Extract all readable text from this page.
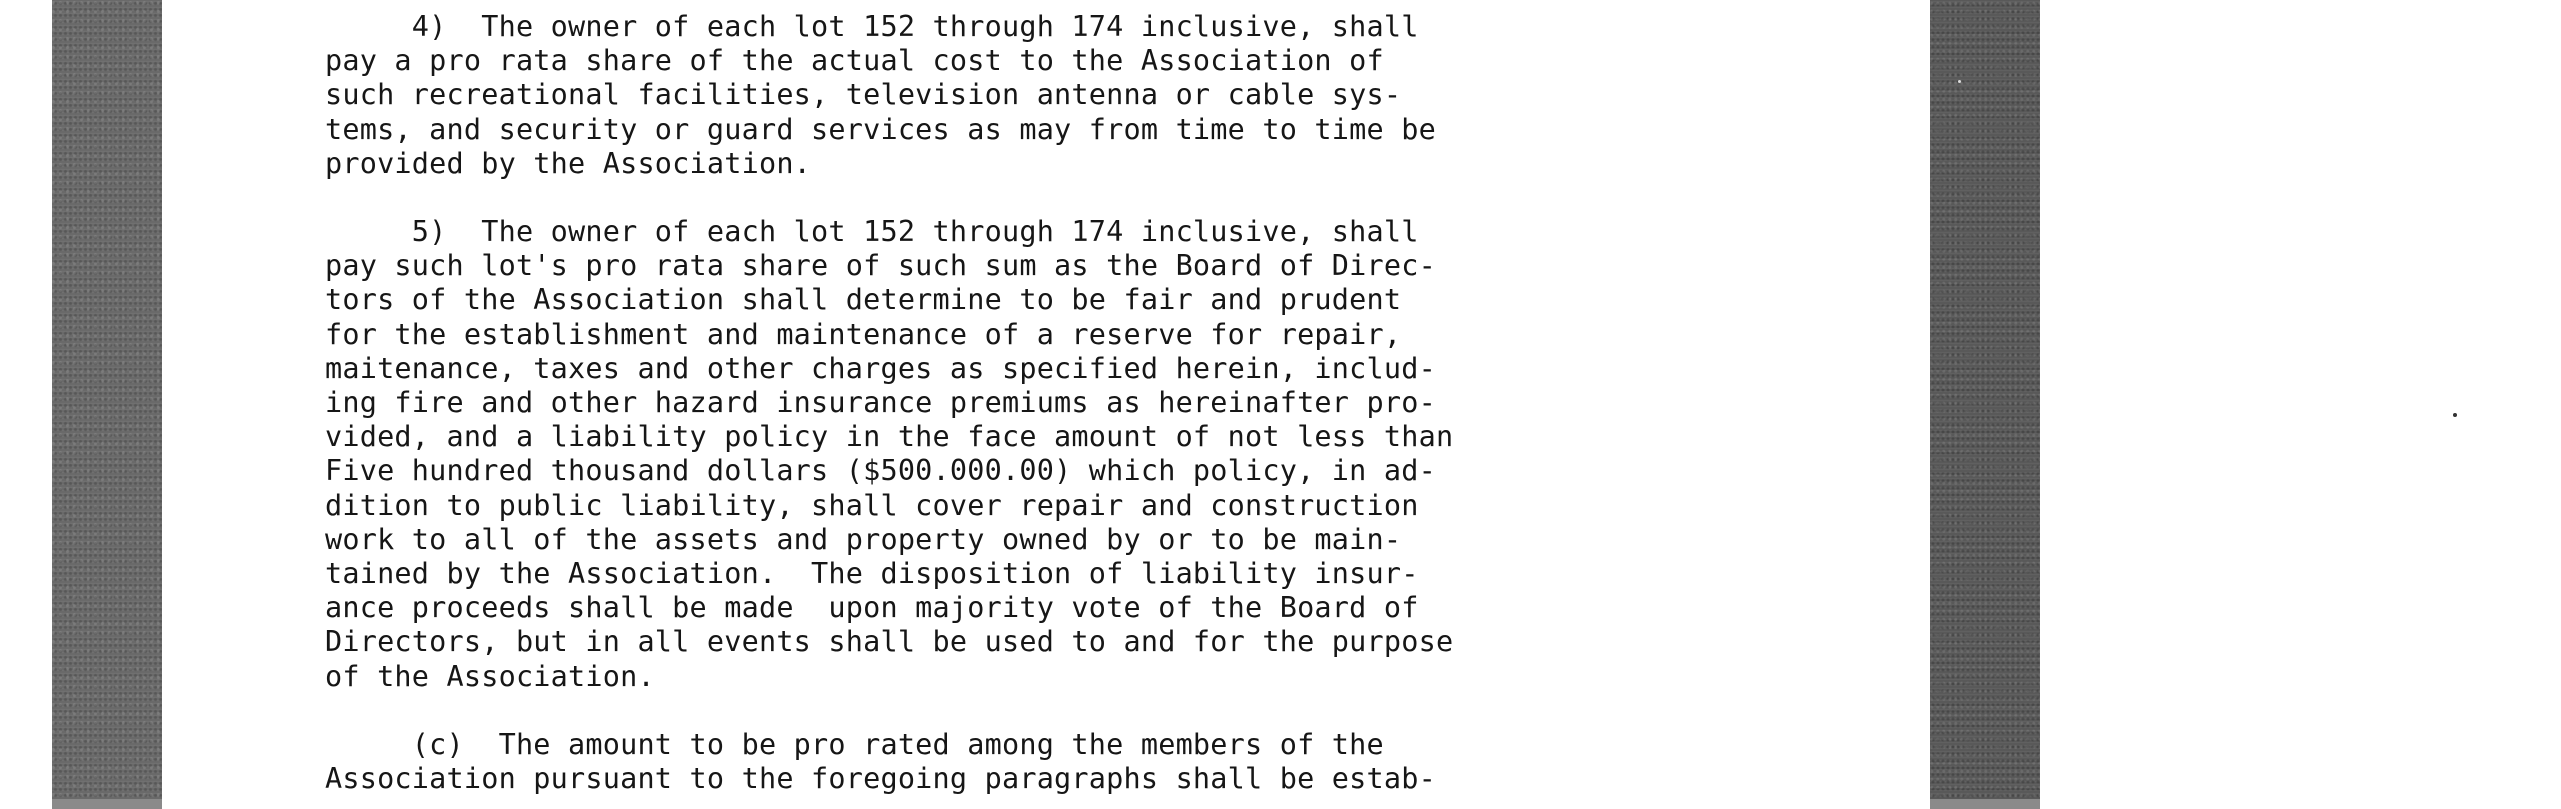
4)  The owner of each lot 152 through 174 inclusive, shall
pay a pro rata share of the actual cost to the Association of
such recreational facilities, television antenna or cable sys-
tems, and security or guard services as may from time to time be
provided by the Association.
5)  The owner of each lot 152 through 174 inclusive, shall
pay such lot's pro rata share of such sum as the Board of Direc-
tors of the Association shall determine to be fair and prudent
for the establishment and maintenance of a reserve for repair,
maitenance, taxes and other charges as specified herein, includ-
ing fire and other hazard insurance premiums as hereinafter pro-
vided, and a liability policy in the face amount of not less than
Five hundred thousand dollars ($500.000.00) which policy, in ad-
dition to public liability, shall cover repair and construction
work to all of the assets and property owned by or to be main-
tained by the Association.  The disposition of liability insur-
ance proceeds shall be made  upon majority vote of the Board of
Directors, but in all events shall be used to and for the purpose
of the Association.
(c)  The amount to be pro rated among the members of the
Association pursuant to the foregoing paragraphs shall be estab-
